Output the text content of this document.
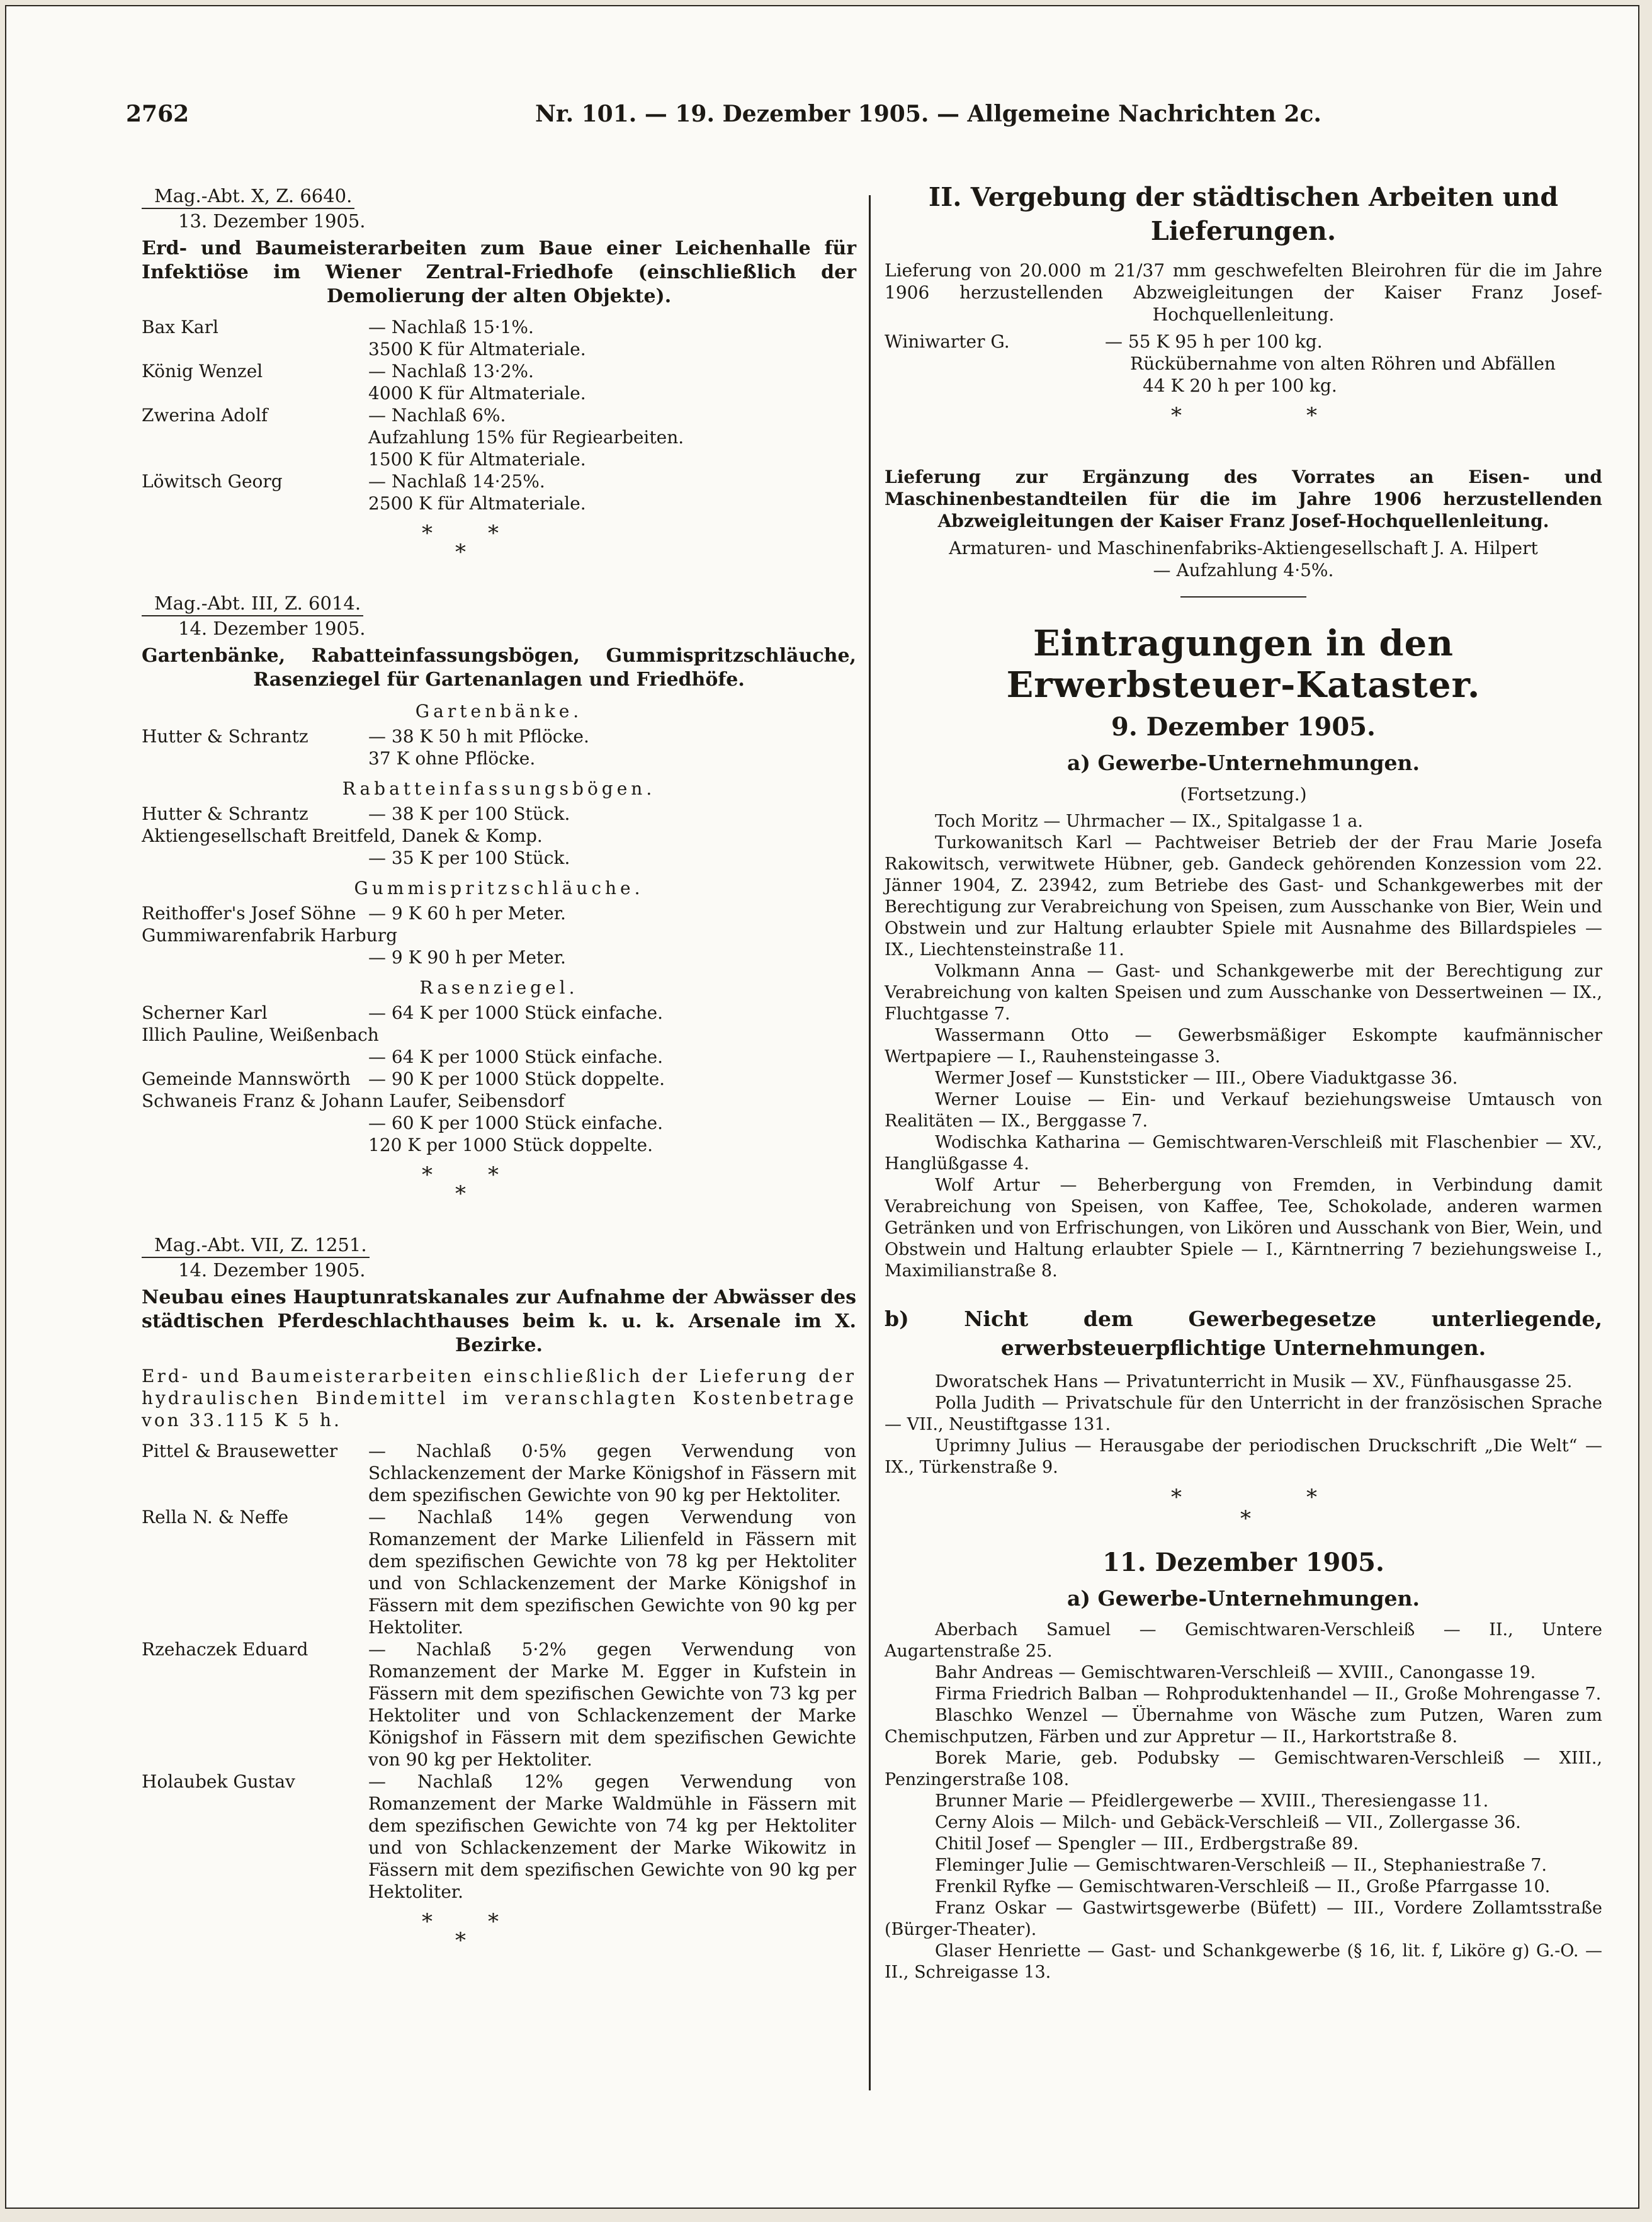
2762	Nr. 101. — 19. Dezember 1905. — Allgemeine Nachrichten 2c.
Mag.-Abt. X, Z. 6640.
13. Dezember 1905.
Erd- und Baumeisterarbeiten zum Baue einer Leichenhalle für Infektiöse im Wiener Zentral-Friedhofe (einschließlich der Demolierung der alten Objekte).
Bax Karl	— Nachlaß 15·1%.
3500 K für Altmateriale.
König Wenzel	— Nachlaß 13·2%.
4000 K für Altmateriale.
Zwerina Adolf	— Nachlaß 6%.
Aufzahlung 15% für Regiearbeiten.
1500 K für Altmateriale.
Löwitsch Georg	— Nachlaß 14·25%.
2500 K für Altmateriale.
*	*
*
Mag.-Abt. III, Z. 6014.
14. Dezember 1905.
Gartenbänke, Rabatteinfassungsbögen, Gummispritzschläuche, Rasenziegel für Gartenanlagen und Friedhöfe.
Gartenbänke.
Hutter & Schrantz	— 38 K 50 h mit Pflöcke.
37 K ohne Pflöcke.
Rabatteinfassungsbögen.
Hutter & Schrantz	— 38 K per 100 Stück.
Aktiengesellschaft Breitfeld, Danek & Komp.
— 35 K per 100 Stück.
Gummispritzschläuche.
Reithoffer's Josef Söhne — 9 K 60 h per Meter.
Gummiwarenfabrik Harburg
— 9 K 90 h per Meter.
Rasenziegel.
Scherner Karl	— 64 K per 1000 Stück einfache.
Illich Pauline, Weißenbach
— 64 K per 1000 Stück einfache.
Gemeinde Mannswörth	— 90 K per 1000 Stück doppelte.
Schwaneis Franz & Johann Laufer, Seibensdorf
— 60 K per 1000 Stück einfache.
120 K per 1000 Stück doppelte.
*	*
*
Mag.-Abt. VII, Z. 1251.
14. Dezember 1905.
Neubau eines Hauptunratskanales zur Aufnahme der Abwässer des städtischen Pferdeschlachthauses beim k. u. k. Arsenale im X. Bezirke.
Erd- und Baumeisterarbeiten einschließlich der Lieferung der hydraulischen Bindemittel im veranschlagten Kostenbetrage von 33.115 K 5 h.
Pittel & Brausewetter	— Nachlaß 0·5% gegen Verwendung von Schlackenzement der Marke Königshof in Fässern mit dem spezifischen Gewichte von 90 kg per Hektoliter.
Rella N. & Neffe	— Nachlaß 14% gegen Verwendung von Romanzement der Marke Lilienfeld in Fässern mit dem spezifischen Gewichte von 78 kg per Hektoliter und von Schlackenzement der Marke Königshof in Fässern mit dem spezifischen Gewichte von 90 kg per Hektoliter.
Rzehaczek Eduard	— Nachlaß 5·2% gegen Verwendung von Romanzement der Marke M. Egger in Kufstein in Fässern mit dem spezifischen Gewichte von 73 kg per Hektoliter und von Schlackenzement der Marke Königshof in Fässern mit dem spezifischen Gewichte von 90 kg per Hektoliter.
Holaubek Gustav	— Nachlaß 12% gegen Verwendung von Romanzement der Marke Waldmühle in Fässern mit dem spezifischen Gewichte von 74 kg per Hektoliter und von Schlackenzement der Marke Wikowitz in Fässern mit dem spezifischen Gewichte von 90 kg per Hektoliter.
*	*
*
II. Vergebung der städtischen Arbeiten und Lieferungen.
Lieferung von 20.000 m 21/37 mm geschwefelten Bleirohren für die im Jahre 1906 herzustellenden Abzweigleitungen der Kaiser Franz Josef-Hochquellenleitung.
Winiwarter G.	— 55 K 95 h per 100 kg.
Rückübernahme von alten Röhren und Abfällen
44 K 20 h per 100 kg.
*	*
Lieferung zur Ergänzung des Vorrates an Eisen- und Maschinenbestandteilen für die im Jahre 1906 herzustellenden Abzweigleitungen der Kaiser Franz Josef-Hochquellenleitung.
Armaturen- und Maschinenfabriks-Aktiengesellschaft J. A. Hilpert
— Aufzahlung 4·5%.
Eintragungen in den Erwerbsteuer-Kataster.
9. Dezember 1905.
a) Gewerbe-Unternehmungen.
(Fortsetzung.)
Toch Moritz — Uhrmacher — IX., Spitalgasse 1 a.
Turkowanitsch Karl — Pachtweiser Betrieb der der Frau Marie Josefa Rakowitsch, verwitwete Hübner, geb. Gandeck gehörenden Konzession vom 22. Jänner 1904, Z. 23942, zum Betriebe des Gast- und Schankgewerbes mit der Berechtigung zur Verabreichung von Speisen, zum Ausschanke von Bier, Wein und Obstwein und zur Haltung erlaubter Spiele mit Ausnahme des Billardspieles — IX., Liechtensteinstraße 11.
Volkmann Anna — Gast- und Schankgewerbe mit der Berechtigung zur Verabreichung von kalten Speisen und zum Ausschanke von Dessertweinen — IX., Fluchtgasse 7.
Wassermann Otto — Gewerbsmäßiger Eskompte kaufmännischer Wertpapiere — I., Rauhensteingasse 3.
Wermer Josef — Kunststicker — III., Obere Viaduktgasse 36.
Werner Louise — Ein- und Verkauf beziehungsweise Umtausch von Realitäten — IX., Berggasse 7.
Wodischka Katharina — Gemischtwaren-Verschleiß mit Flaschenbier — XV., Hanglüßgasse 4.
Wolf Artur — Beherbergung von Fremden, in Verbindung damit Verabreichung von Speisen, von Kaffee, Tee, Schokolade, anderen warmen Getränken und von Erfrischungen, von Likören und Ausschank von Bier, Wein, und Obstwein und Haltung erlaubter Spiele — I., Kärntnerring 7 beziehungsweise I., Maximilianstraße 8.
b) Nicht dem Gewerbegesetze unterliegende, erwerbsteuerpflichtige Unternehmungen.
Dworatschek Hans — Privatunterricht in Musik — XV., Fünfhausgasse 25.
Polla Judith — Privatschule für den Unterricht in der französischen Sprache — VII., Neustiftgasse 131.
Uprimny Julius — Herausgabe der periodischen Druckschrift „Die Welt“ — IX., Türkenstraße 9.
*	*
*
11. Dezember 1905.
a) Gewerbe-Unternehmungen.
Aberbach Samuel — Gemischtwaren-Verschleiß — II., Untere Augartenstraße 25.
Bahr Andreas — Gemischtwaren-Verschleiß — XVIII., Canongasse 19.
Firma Friedrich Balban — Rohproduktenhandel — II., Große Mohrengasse 7.
Blaschko Wenzel — Übernahme von Wäsche zum Putzen, Waren zum Chemischputzen, Färben und zur Appretur — II., Harkortstraße 8.
Borek Marie, geb. Podubsky — Gemischtwaren-Verschleiß — XIII., Penzingerstraße 108.
Brunner Marie — Pfeidlergewerbe — XVIII., Theresiengasse 11.
Cerny Alois — Milch- und Gebäck-Verschleiß — VII., Zollergasse 36.
Chitil Josef — Spengler — III., Erdbergstraße 89.
Fleminger Julie — Gemischtwaren-Verschleiß — II., Stephaniestraße 7.
Frenkil Ryfke — Gemischtwaren-Verschleiß — II., Große Pfarrgasse 10.
Franz Oskar — Gastwirtsgewerbe (Büfett) — III., Vordere Zollamtsstraße (Bürger-Theater).
Glaser Henriette — Gast- und Schankgewerbe (§ 16, lit. f, Liköre g) G.-O. — II., Schreigasse 13.
